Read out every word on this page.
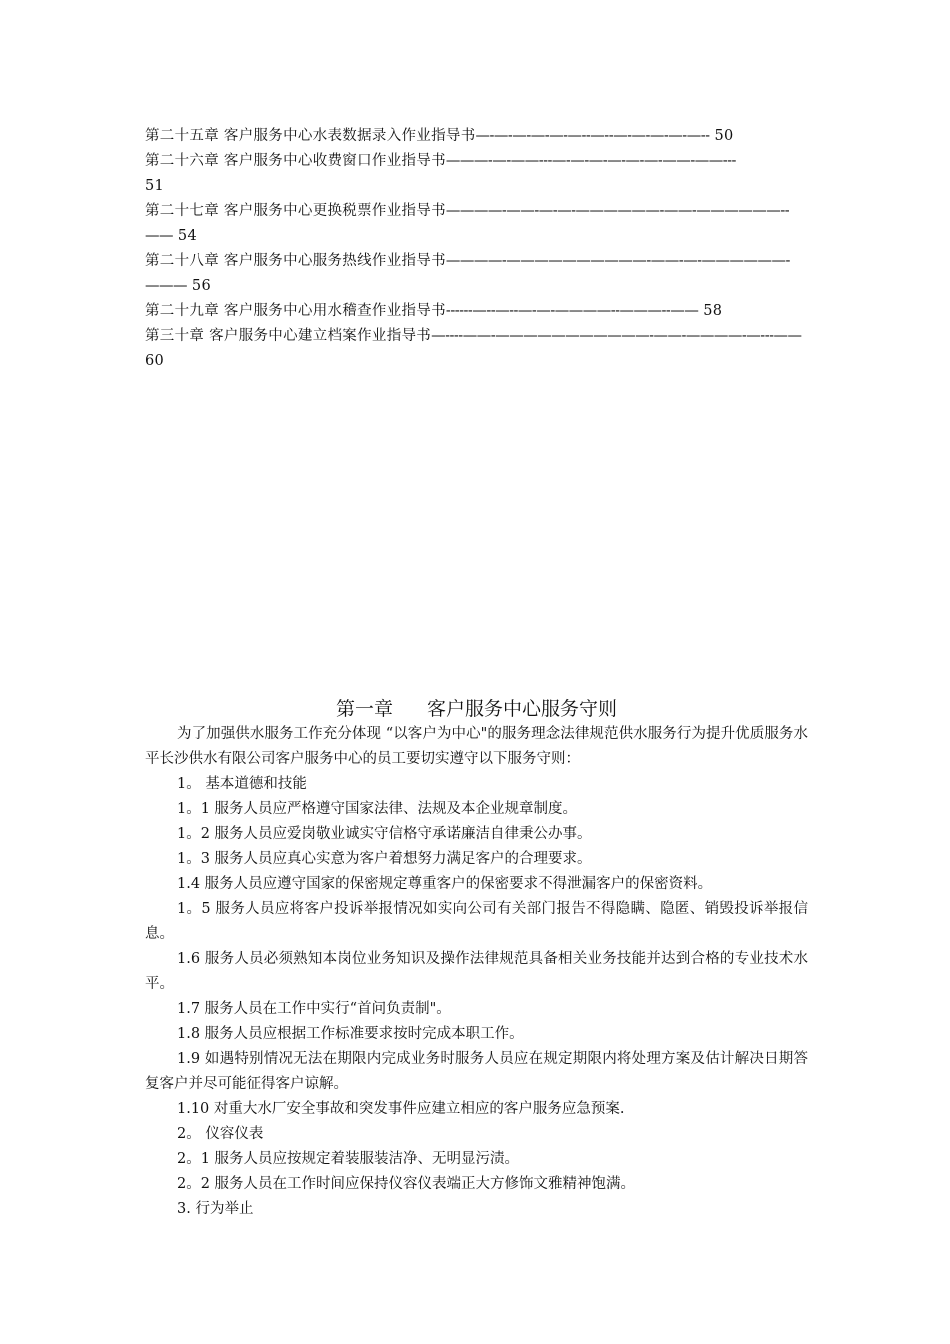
第二十五章 客户服务中心水表数据录入作业指导书—-—-—-—-—-—--—--—-—-—-—-—-- 50
第二十六章 客户服务中心收费窗口作业指导书———-—-——---—-—-—-—-—-—-——-——---
51
第二十七章 客户服务中心更换税票作业指导书————-——-—-—-——————-——-——————--—— 54
第二十八章 客户服务中心服务热线作业指导书————-——————————-——-—-——————-——— 56
第二十九章 客户服务中心用水稽查作业指导书------—--—--—-—-————--———--—— 58
第三十章 客户服务中心建立档案作业指导书—----——-———————————-——-————-—---—— 60
第一章 客户服务中心服务守则

为了加强供水服务工作充分体现 “以客户为中心"的服务理念法律规范供水服务行为提升优质服务水平长沙供水有限公司客户服务中心的员工要切实遵守以下服务守则：

1。 基本道德和技能

1。1 服务人员应严格遵守国家法律、法规及本企业规章制度。

1。2 服务人员应爱岗敬业诚实守信格守承诺廉洁自律秉公办事。

1。3 服务人员应真心实意为客户着想努力满足客户的合理要求。

1.4 服务人员应遵守国家的保密规定尊重客户的保密要求不得泄漏客户的保密资料。

1。5 服务人员应将客户投诉举报情况如实向公司有关部门报告不得隐瞒、隐匿、销毁投诉举报信息。

1.6 服务人员必须熟知本岗位业务知识及操作法律规范具备相关业务技能并达到合格的专业技术水平。

1.7 服务人员在工作中实行“首问负责制"。

1.8 服务人员应根据工作标准要求按时完成本职工作。

1.9 如遇特别情况无法在期限内完成业务时服务人员应在规定期限内将处理方案及估计解决日期答复客户并尽可能征得客户谅解。

1.10 对重大水厂安全事故和突发事件应建立相应的客户服务应急预案.

2。 仪容仪表

2。1 服务人员应按规定着装服装洁净、无明显污渍。

2。2 服务人员在工作时间应保持仪容仪表端正大方修饰文雅精神饱满。

3. 行为举止
